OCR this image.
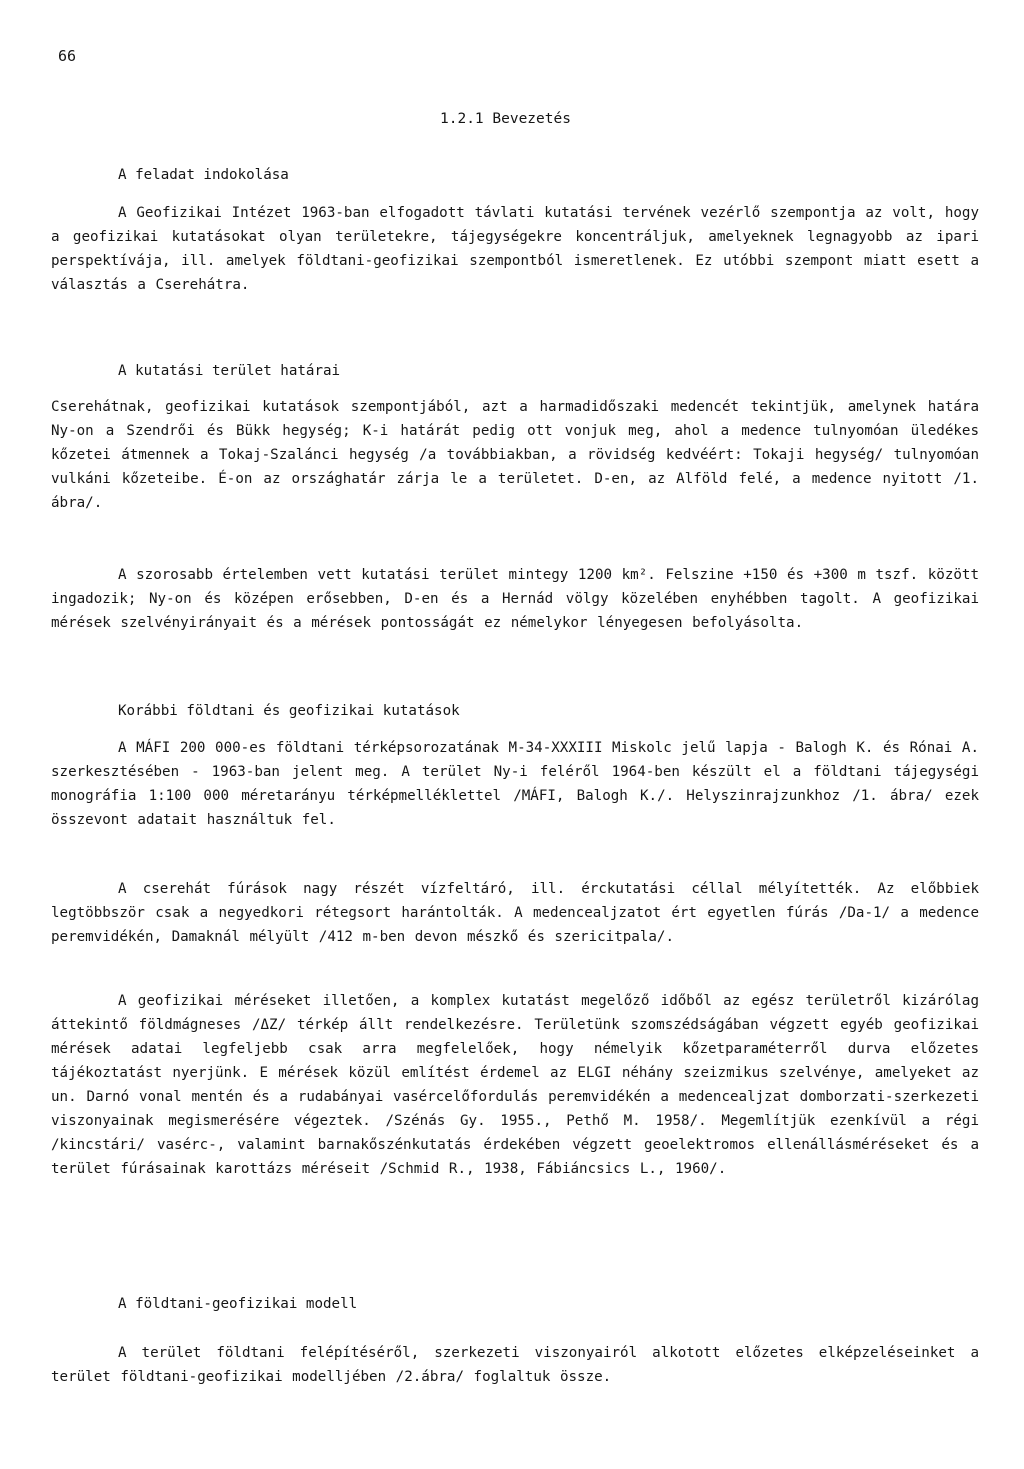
66
1.2.1 Bevezetés
A feladat indokolása
A Geofizikai Intézet 1963-ban elfogadott távlati kutatási tervének vezérlő szempontja az volt, hogy a geofizikai kutatásokat olyan területekre, tájegységekre koncentráljuk, amelyeknek legnagyobb az ipari perspektívája, ill. amelyek földtani-geofizikai szempontból ismeretlenek. Ez utóbbi szempont miatt esett a választás a Cserehátra.
A kutatási terület határai
Cserehátnak, geofizikai kutatások szempontjából, azt a harmadidőszaki medencét tekintjük, amelynek határa Ny-on a Szendrői és Bükk hegység; K-i határát pedig ott vonjuk meg, ahol a medence tulnyomóan üledékes kőzetei átmennek a Tokaj-Szalánci hegység /a továbbiakban, a rövidség kedvéért: Tokaji hegység/ tulnyomóan vulkáni kőzeteibe. É-on az országhatár zárja le a területet. D-en, az Alföld felé, a medence nyitott /1. ábra/.
A szorosabb értelemben vett kutatási terület mintegy 1200 km². Felszine +150 és +300 m tszf. között ingadozik; Ny-on és középen erősebben, D-en és a Hernád völgy közelében enyhébben tagolt. A geofizikai mérések szelvényirányait és a mérések pontosságát ez némelykor lényegesen befolyásolta.
Korábbi földtani és geofizikai kutatások
A MÁFI 200 000-es földtani térképsorozatának M-34-XXXIII Miskolc jelű lapja - Balogh K. és Rónai A. szerkesztésében - 1963-ban jelent meg. A terület Ny-i feléről 1964-ben készült el a földtani tájegységi monográfia 1:100 000 méretarányu térképmelléklettel /MÁFI, Balogh K./. Helyszinrajzunkhoz /1. ábra/ ezek összevont adatait használtuk fel.
A cserehát fúrások nagy részét vízfeltáró, ill. érckutatási céllal mélyítették. Az előbbiek legtöbbször csak a negyedkori rétegsort harántolták. A medencealjzatot ért egyetlen fúrás /Da-1/ a medence peremvidékén, Damaknál mélyült /412 m-ben devon mészkő és szericitpala/.
A geofizikai méréseket illetően, a komplex kutatást megelőző időből az egész területről kizárólag áttekintő földmágneses /ΔZ/ térkép állt rendelkezésre. Területünk szomszédságában végzett egyéb geofizikai mérések adatai legfeljebb csak arra megfelelőek, hogy némelyik kőzetparaméterről durva előzetes tájékoztatást nyerjünk. E mérések közül említést érdemel az ELGI néhány szeizmikus szelvénye, amelyeket az un. Darnó vonal mentén és a rudabányai vasércelőfordulás peremvidékén a medencealjzat domborzati-szerkezeti viszonyainak megismerésére végeztek. /Szénás Gy. 1955., Pethő M. 1958/. Megemlítjük ezenkívül a régi /kincstári/ vasérc-, valamint barnakőszénkutatás érdekében végzett geoelektromos ellenállásméréseket és a terület fúrásainak karottázs méréseit /Schmid R., 1938, Fábiáncsics L., 1960/.
A földtani-geofizikai modell
A terület földtani felépítéséről, szerkezeti viszonyairól alkotott előzetes elképzeléseinket a terület földtani-geofizikai modelljében /2.ábra/ foglaltuk össze.
